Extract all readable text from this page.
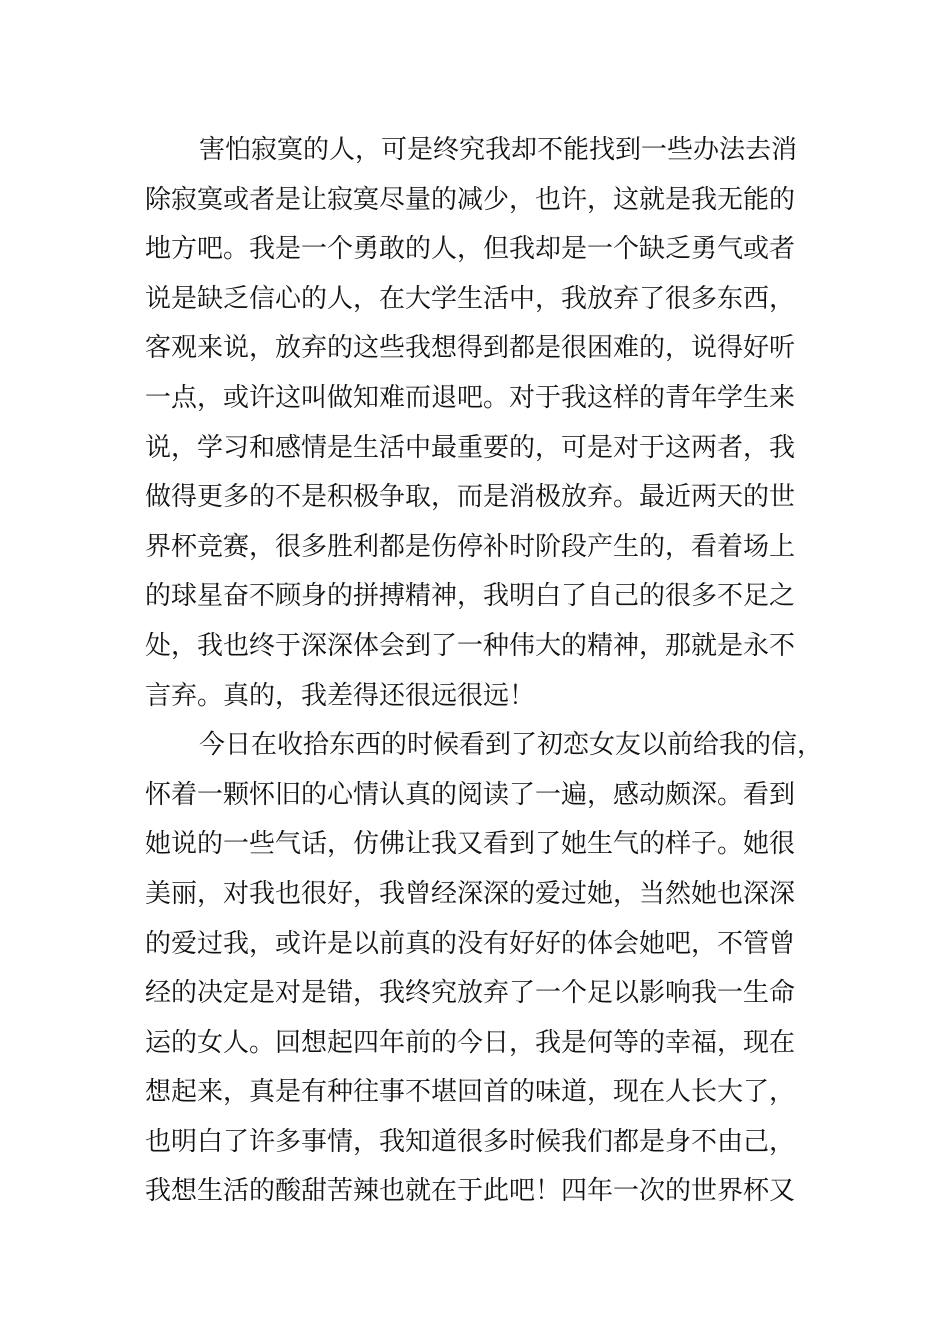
害怕寂寞的人，可是终究我却不能找到一些办法去消
除寂寞或者是让寂寞尽量的减少，也许，这就是我无能的
地方吧。我是一个勇敢的人，但我却是一个缺乏勇气或者
说是缺乏信心的人，在大学生活中，我放弃了很多东西，
客观来说，放弃的这些我想得到都是很困难的，说得好听
一点，或许这叫做知难而退吧。对于我这样的青年学生来
说，学习和感情是生活中最重要的，可是对于这两者，我
做得更多的不是积极争取，而是消极放弃。最近两天的世
界杯竞赛，很多胜利都是伤停补时阶段产生的，看着场上
的球星奋不顾身的拼搏精神，我明白了自己的很多不足之
处，我也终于深深体会到了一种伟大的精神，那就是永不
言弃。真的，我差得还很远很远！
今日在收拾东西的时候看到了初恋女友以前给我的信，
怀着一颗怀旧的心情认真的阅读了一遍，感动颇深。看到
她说的一些气话，仿佛让我又看到了她生气的样子。她很
美丽，对我也很好，我曾经深深的爱过她，当然她也深深
的爱过我，或许是以前真的没有好好的体会她吧，不管曾
经的决定是对是错，我终究放弃了一个足以影响我一生命
运的女人。回想起四年前的今日，我是何等的幸福，现在
想起来，真是有种往事不堪回首的味道，现在人长大了，
也明白了许多事情，我知道很多时候我们都是身不由己，
我想生活的酸甜苦辣也就在于此吧！四年一次的世界杯又
